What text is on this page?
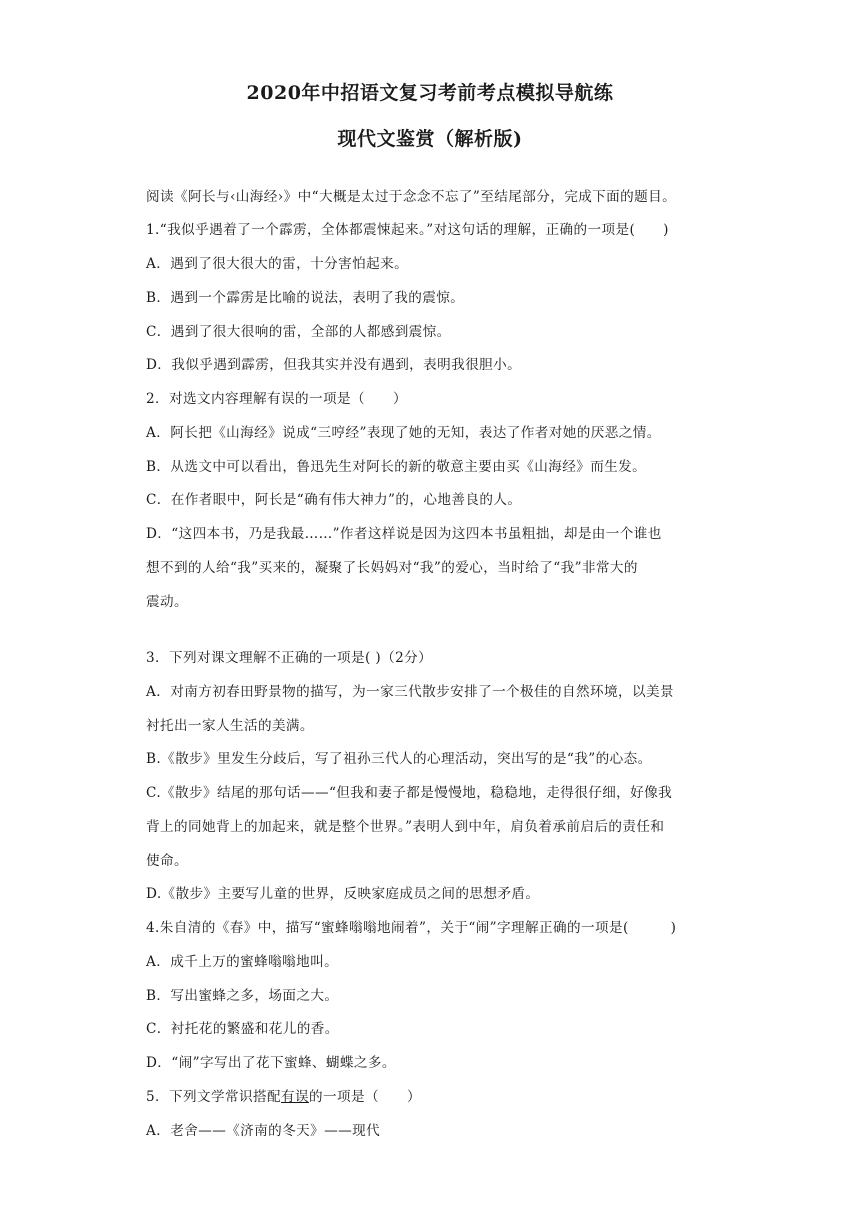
2020年中招语文复习考前考点模拟导航练
现代文鉴赏（解析版)
阅读《阿长与‹山海经›》中“大概是太过于念念不忘了”至结尾部分，完成下面的题目。
1.“我似乎遇着了一个霹雳，全体都震悚起来。”对这句话的理解，正确的一项是(　　)
A．遇到了很大很大的雷，十分害怕起来。
B．遇到一个霹雳是比喻的说法，表明了我的震惊。
C．遇到了很大很响的雷，全部的人都感到震惊。
D．我似乎遇到霹雳，但我其实并没有遇到，表明我很胆小。
2．对选文内容理解有误的一项是（　　）
A．阿长把《山海经》说成“三哼经”表现了她的无知，表达了作者对她的厌恶之情。
B．从选文中可以看出，鲁迅先生对阿长的新的敬意主要由买《山海经》而生发。
C．在作者眼中，阿长是“确有伟大神力”的，心地善良的人。
D．“这四本书，乃是我最……”作者这样说是因为这四本书虽粗拙，却是由一个谁也
想不到的人给“我”买来的，凝聚了长妈妈对“我”的爱心，当时给了“我”非常大的
震动。
3．下列对课文理解不正确的一项是( )（2分）
A．对南方初春田野景物的描写，为一家三代散步安排了一个极佳的自然环境，以美景
衬托出一家人生活的美满。
B.《散步》里发生分歧后，写了祖孙三代人的心理活动，突出写的是“我”的心态。
C.《散步》结尾的那句话——“但我和妻子都是慢慢地，稳稳地，走得很仔细，好像我
背上的同她背上的加起来，就是整个世界。”表明人到中年，肩负着承前启后的责任和
使命。
D.《散步》主要写儿童的世界，反映家庭成员之间的思想矛盾。
4.朱自清的《春》中，描写“蜜蜂嗡嗡地闹着”，关于“闹”字理解正确的一项是(　　　)
A．成千上万的蜜蜂嗡嗡地叫。
B．写出蜜蜂之多，场面之大。
C．衬托花的繁盛和花儿的香。
D．“闹”字写出了花下蜜蜂、蝴蝶之多。
5．下列文学常识搭配有误的一项是（　　）
A．老舍——《济南的冬天》——现代
